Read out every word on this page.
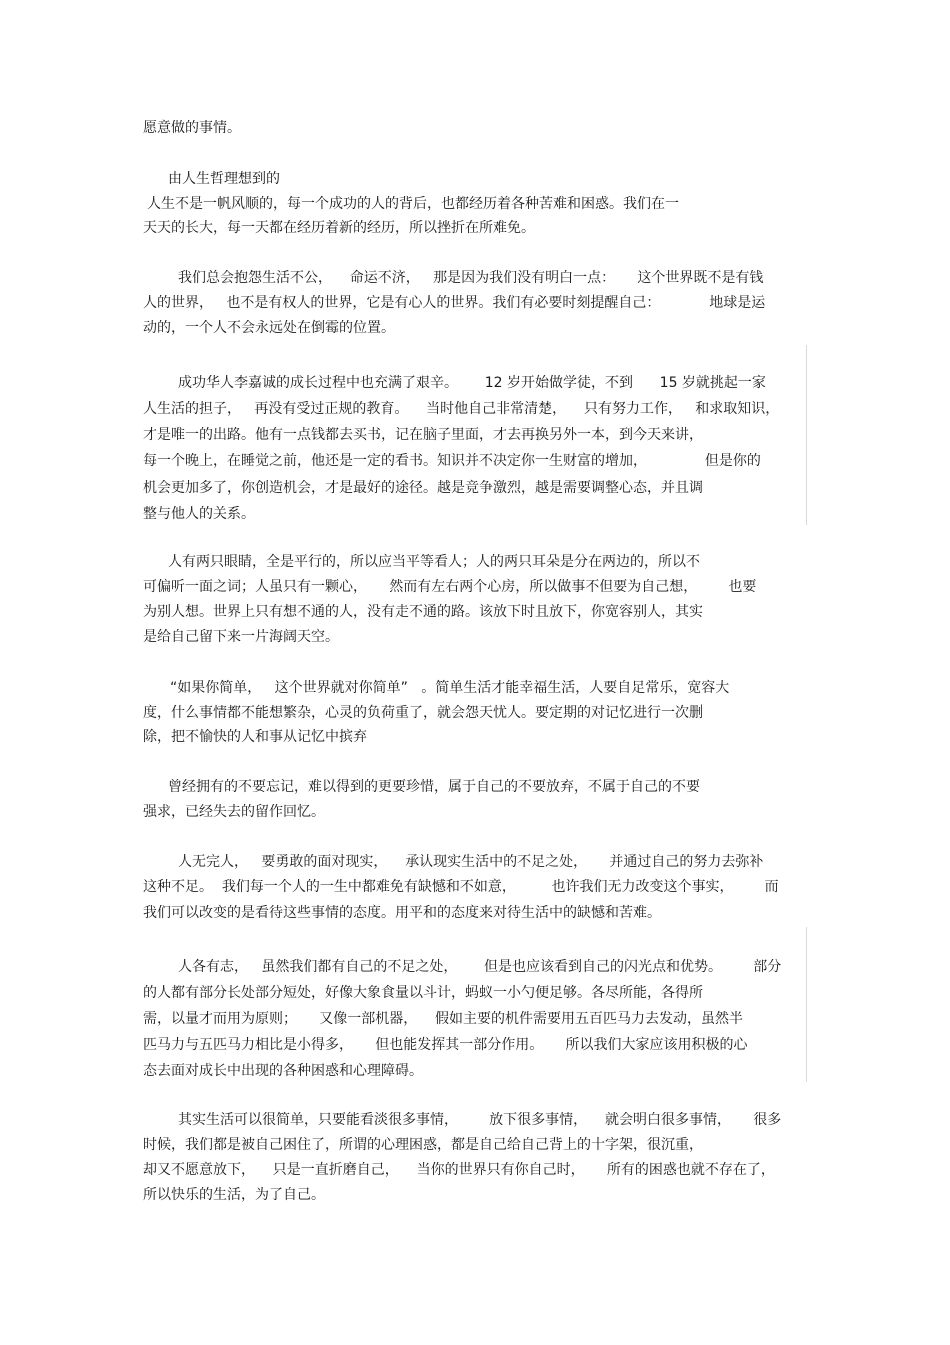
愿意做的事情。

由人生哲理想到的

人生不是一帆风顺的，每一个成功的人的背后，也都经历着各种苦难和困惑。我们在一

天天的长大，每一天都在经历着新的经历，所以挫折在所难免。

我们总会抱怨生活不公，    命运不济，   那是因为我们没有明白一点：     这个世界既不是有钱

人的世界，   也不是有权人的世界，它是有心人的世界。我们有必要时刻提醒自己：           地球是运

动的，一个人不会永远处在倒霉的位置。

成功华人李嘉诚的成长过程中也充满了艰辛。      12 岁开始做学徒，不到      15 岁就挑起一家

人生活的担子，   再没有受过正规的教育。    当时他自己非常清楚，    只有努力工作，   和求取知识，

才是唯一的出路。他有一点钱都去买书，记在脑子里面，才去再换另外一本，到今天来讲，

每一个晚上，在睡觉之前，他还是一定的看书。知识并不决定你一生财富的增加，             但是你的

机会更加多了，你创造机会，才是最好的途径。越是竞争激烈，越是需要调整心态，并且调

整与他人的关系。

人有两只眼睛，全是平行的，所以应当平等看人；人的两只耳朵是分在两边的，所以不

可偏听一面之词；人虽只有一颗心，     然而有左右两个心房，所以做事不但要为自己想，       也要

为别人想。世界上只有想不通的人，没有走不通的路。该放下时且放下，你宽容别人，其实

是给自己留下来一片海阔天空。

“如果你简单，   这个世界就对你简单”   。简单生活才能幸福生活，人要自足常乐，宽容大

度，什么事情都不能想繁杂，心灵的负荷重了，就会怨天忧人。要定期的对记忆进行一次删

除，把不愉快的人和事从记忆中摈弃

曾经拥有的不要忘记，难以得到的更要珍惜，属于自己的不要放弃，不属于自己的不要

强求，已经失去的留作回忆。

人无完人，   要勇敢的面对现实，    承认现实生活中的不足之处，     并通过自己的努力去弥补

这种不足。  我们每一个人的一生中都难免有缺憾和不如意，        也许我们无力改变这个事实，       而

我们可以改变的是看待这些事情的态度。用平和的态度来对待生活中的缺憾和苦难。

人各有志，   虽然我们都有自己的不足之处，      但是也应该看到自己的闪光点和优势。       部分

的人都有部分长处部分短处，好像大象食量以斗计，蚂蚁一小勺便足够。各尽所能，各得所

需，以量才而用为原则；     又像一部机器，    假如主要的机件需要用五百匹马力去发动，虽然半

匹马力与五匹马力相比是小得多，     但也能发挥其一部分作用。     所以我们大家应该用积极的心

态去面对成长中出现的各种困惑和心理障碍。

其实生活可以很简单，只要能看淡很多事情，       放下很多事情，    就会明白很多事情，     很多

时候，我们都是被自己困住了，所谓的心理困惑，都是自己给自己背上的十字架，很沉重，

却又不愿意放下，    只是一直折磨自己，    当你的世界只有你自己时，     所有的困惑也就不存在了，

所以快乐的生活，为了自己。
